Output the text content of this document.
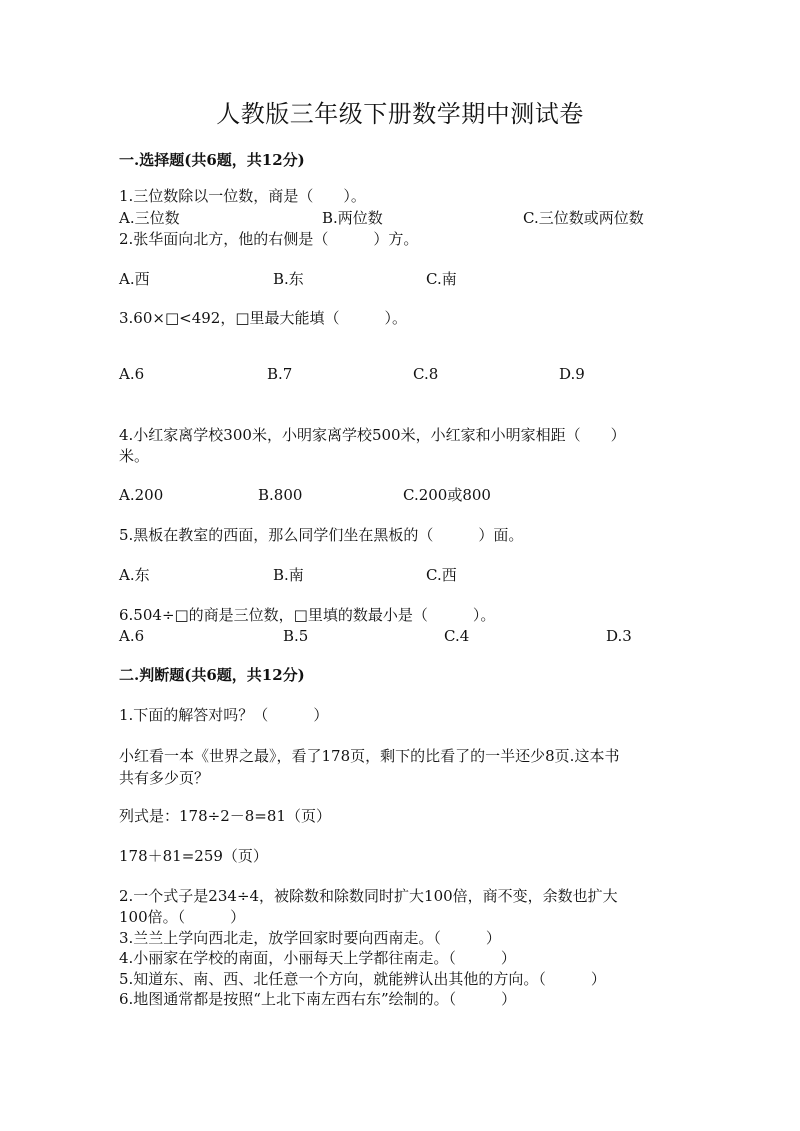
人教版三年级下册数学期中测试卷
一.选择题(共6题，共12分)
1.三位数除以一位数，商是（　　）。
A.三位数	B.两位数	C.三位数或两位数
2.张华面向北方，他的右侧是（　　　）方。
A.西	B.东	C.南
3.60×□<492，□里最大能填（　　　）。
A.6	B.7	C.8	D.9
4.小红家离学校300米，小明家离学校500米，小红家和小明家相距（　　）
米。
A.200	B.800	C.200或800
5.黑板在教室的西面，那么同学们坐在黑板的（　　　）面。
A.东	B.南	C.西
6.504÷□的商是三位数，□里填的数最小是（　　　）。
A.6	B.5	C.4	D.3
二.判断题(共6题，共12分)
1.下面的解答对吗？（　　　）
小红看一本《世界之最》，看了178页，剩下的比看了的一半还少8页.这本书
共有多少页？
列式是：178÷2－8=81（页）
178＋81=259（页）
2.一个式子是234÷4，被除数和除数同时扩大100倍，商不变，余数也扩大
100倍。（　　　）
3.兰兰上学向西北走，放学回家时要向西南走。（　　　）
4.小丽家在学校的南面，小丽每天上学都往南走。（　　　）
5.知道东、南、西、北任意一个方向，就能辨认出其他的方向。（　　　）
6.地图通常都是按照“上北下南左西右东”绘制的。（　　　）
